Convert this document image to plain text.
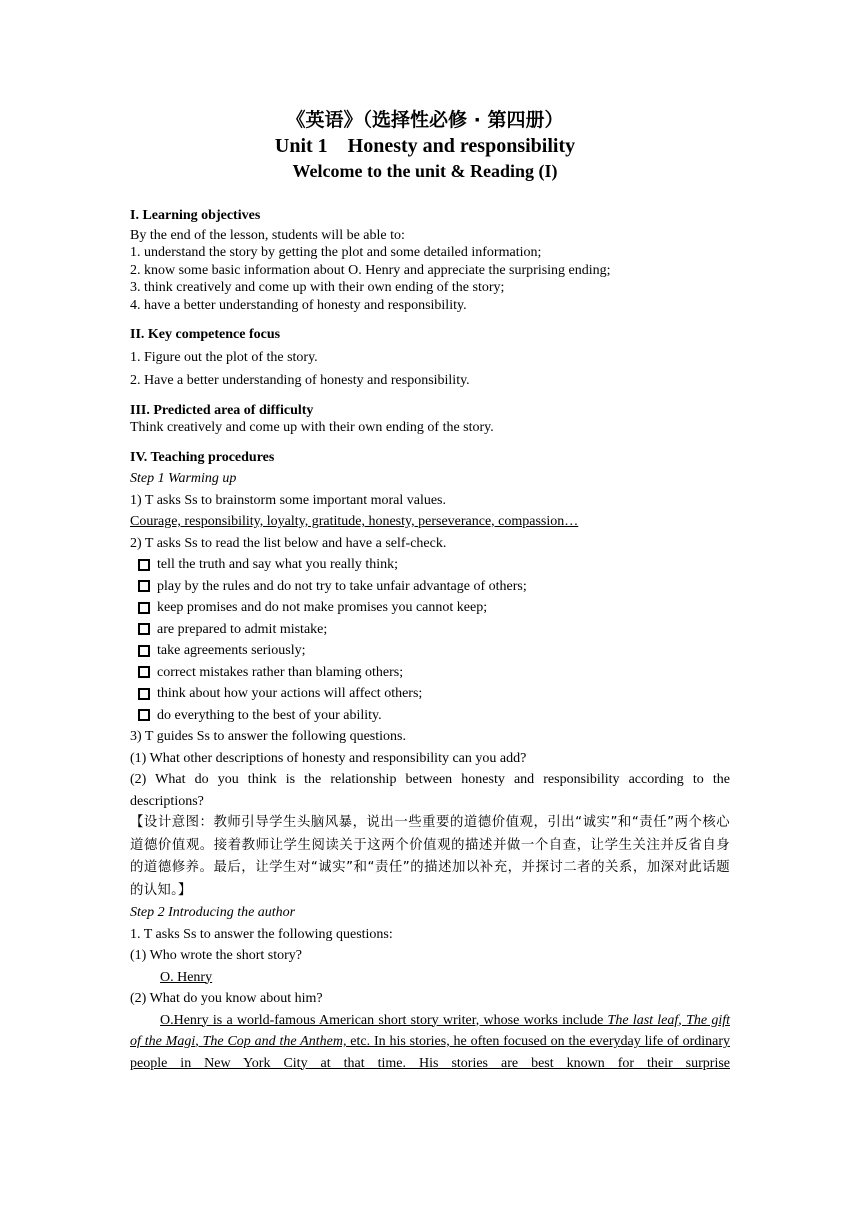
《英语》（选择性必修 · 第四册）
Unit 1    Honesty and responsibility
Welcome to the unit & Reading (I)
I. Learning objectives
By the end of the lesson, students will be able to:
1. understand the story by getting the plot and some detailed information;
2. know some basic information about O. Henry and appreciate the surprising ending;
3. think creatively and come up with their own ending of the story;
4. have a better understanding of honesty and responsibility.
II. Key competence focus
1. Figure out the plot of the story.
2. Have a better understanding of honesty and responsibility.
III. Predicted area of difficulty
Think creatively and come up with their own ending of the story.
IV. Teaching procedures
Step 1 Warming up
1) T asks Ss to brainstorm some important moral values.
Courage, responsibility, loyalty, gratitude, honesty, perseverance, compassion…
2) T asks Ss to read the list below and have a self-check.
tell the truth and say what you really think;
play by the rules and do not try to take unfair advantage of others;
keep promises and do not make promises you cannot keep;
are prepared to admit mistake;
take agreements seriously;
correct mistakes rather than blaming others;
think about how your actions will affect others;
do everything to the best of your ability.
3) T guides Ss to answer the following questions.
(1) What other descriptions of honesty and responsibility can you add?
(2) What do you think is the relationship between honesty and responsibility according to the descriptions?
【设计意图：教师引导学生头脑风暴，说出一些重要的道德价值观，引出“诚实”和“责任”两个核心道德价值观。接着教师让学生阅读关于这两个价值观的描述并做一个自查，让学生关注并反省自身的道德修养。最后，让学生对“诚实”和“责任”的描述加以补充，并探讨二者的关系，加深对此话题的认知。】
Step 2 Introducing the author
1. T asks Ss to answer the following questions:
(1) Who wrote the short story?
O. Henry
(2) What do you know about him?
O.Henry is a world-famous American short story writer, whose works include The last leaf, The gift of the Magi, The Cop and the Anthem, etc. In his stories, he often focused on the everyday life of ordinary people in New York City at that time. His stories are best known for their surprise
